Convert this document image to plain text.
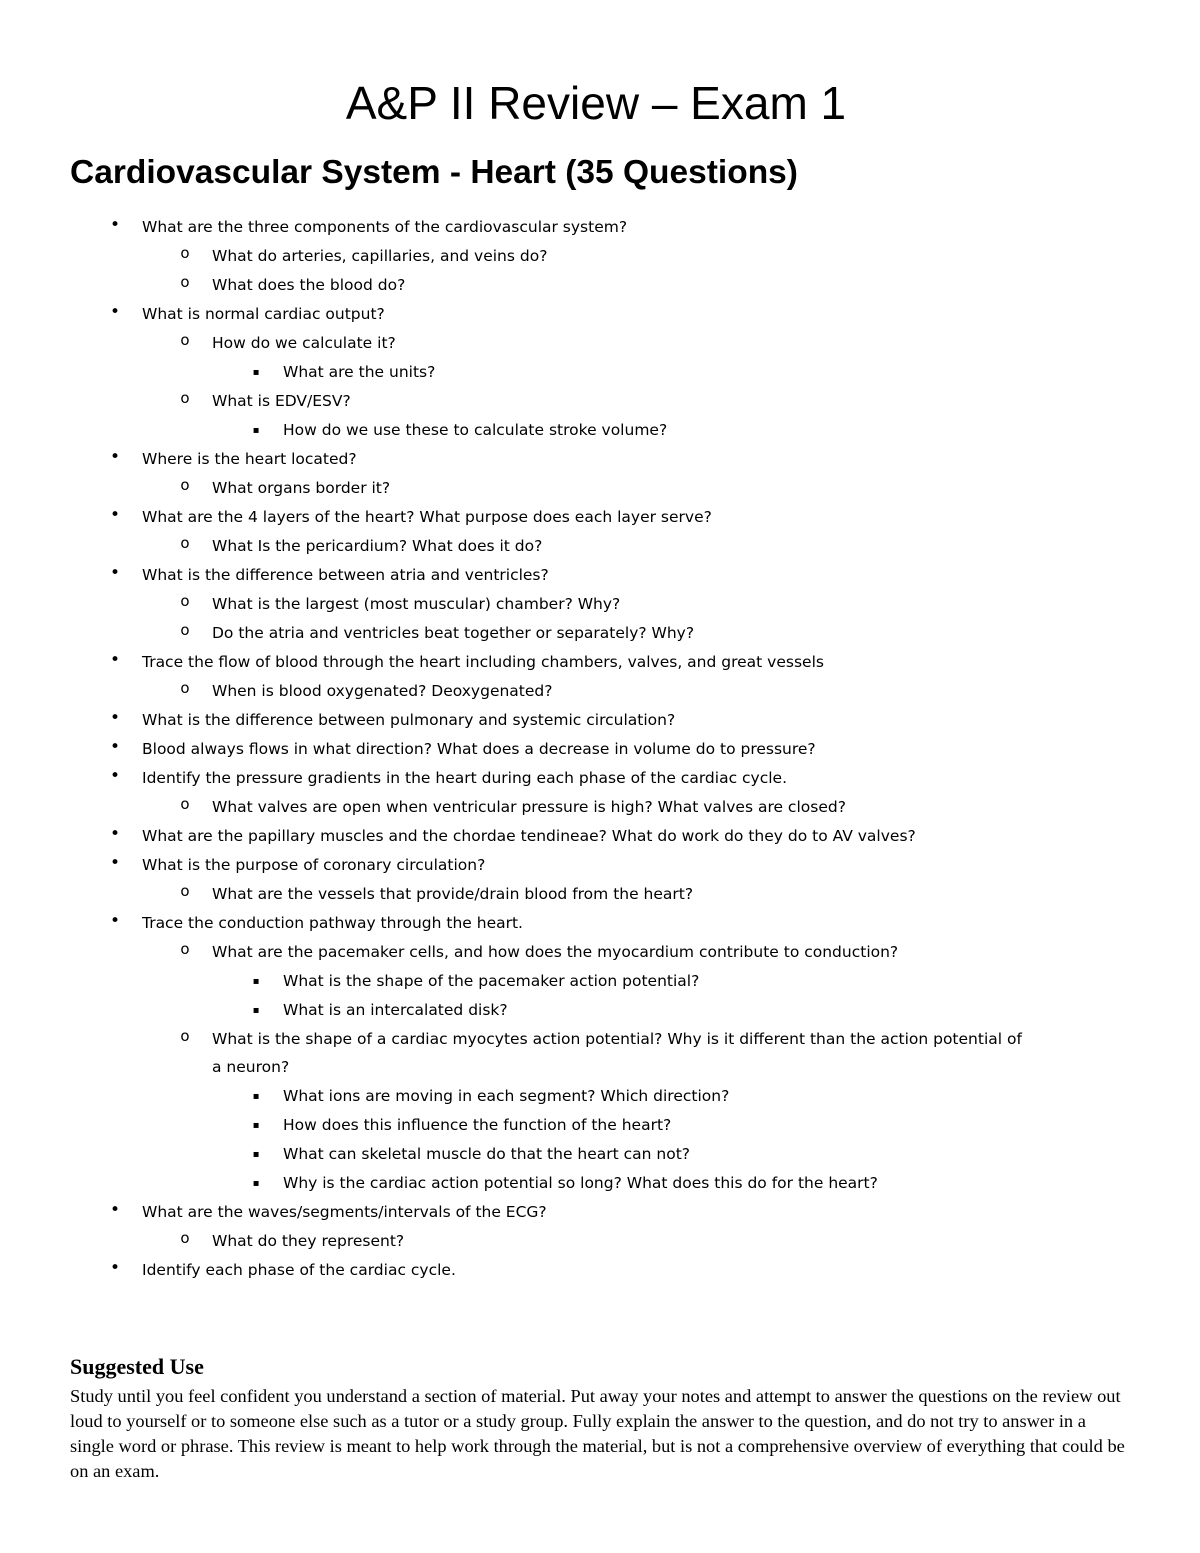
A&P II Review – Exam 1
Cardiovascular System - Heart (35 Questions)
•	What are the three components of the cardiovascular system?
o	What do arteries, capillaries, and veins do?
o	What does the blood do?
•	What is normal cardiac output?
o	How do we calculate it?
▪	What are the units?
o	What is EDV/ESV?
▪	How do we use these to calculate stroke volume?
•	Where is the heart located?
o	What organs border it?
•	What are the 4 layers of the heart? What purpose does each layer serve?
o	What Is the pericardium? What does it do?
•	What is the difference between atria and ventricles?
o	What is the largest (most muscular) chamber? Why?
o	Do the atria and ventricles beat together or separately? Why?
•	Trace the flow of blood through the heart including chambers, valves, and great vessels
o	When is blood oxygenated? Deoxygenated?
•	What is the difference between pulmonary and systemic circulation?
•	Blood always flows in what direction? What does a decrease in volume do to pressure?
•	Identify the pressure gradients in the heart during each phase of the cardiac cycle.
o	What valves are open when ventricular pressure is high? What valves are closed?
•	What are the papillary muscles and the chordae tendineae? What do work do they do to AV valves?
•	What is the purpose of coronary circulation?
o	What are the vessels that provide/drain blood from the heart?
•	Trace the conduction pathway through the heart.
o	What are the pacemaker cells, and how does the myocardium contribute to conduction?
▪	What is the shape of the pacemaker action potential?
▪	What is an intercalated disk?
o	What is the shape of a cardiac myocytes action potential? Why is it different than the action potential of
a neuron?
▪	What ions are moving in each segment? Which direction?
▪	How does this influence the function of the heart?
▪	What can skeletal muscle do that the heart can not?
▪	Why is the cardiac action potential so long? What does this do for the heart?
•	What are the waves/segments/intervals of the ECG?
o	What do they represent?
•	Identify each phase of the cardiac cycle.
Suggested Use

Study until you feel confident you understand a section of material. Put away your notes and attempt to answer the questions on the review out loud to yourself or to someone else such as a tutor or a study group. Fully explain the answer to the question, and do not try to answer in a single word or phrase. This review is meant to help work through the material, but is not a comprehensive overview of everything that could be on an exam.
